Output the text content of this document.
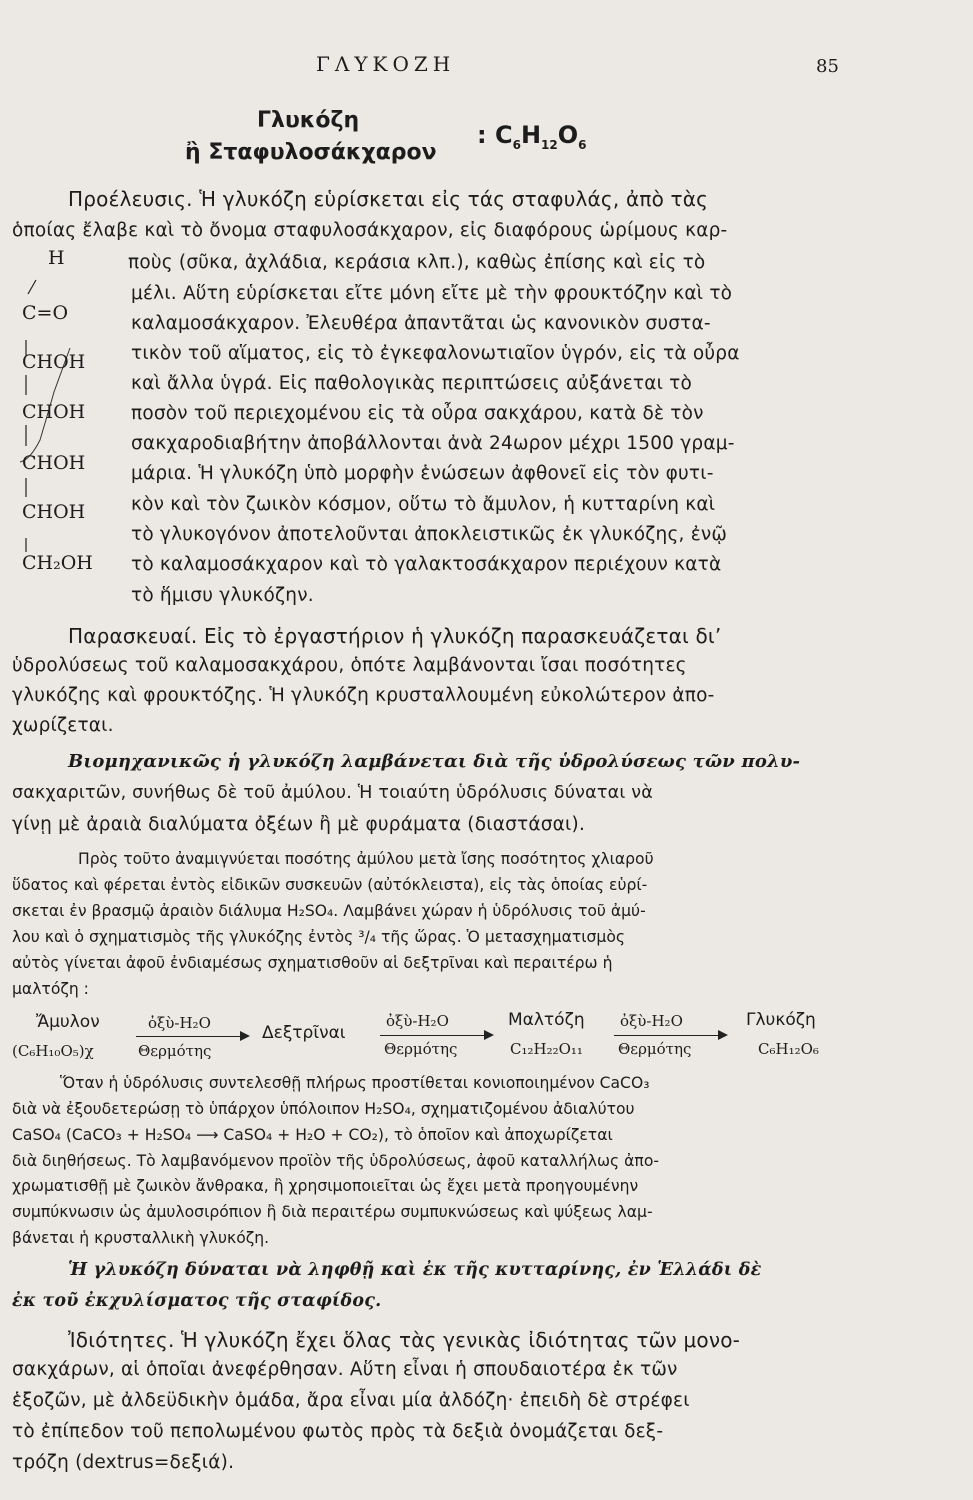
ΓΛΥΚΟΖΗ	85
Γλυκόζη
ἢ Σταφυλοσάκχαρον
: $C_6H_{12}O_6$
H
C=O
CHOH
CHOH
CHOH
CHOH
CH₂OH
Προέλευσις. Ἡ γλυκόζη εὑρίσκεται εἰς τάς σταφυλάς, ἀπὸ τὰς
ὁποίας ἔλαβε καὶ τὸ ὄνομα σταφυλοσάκχαρον, εἰς διαφόρους ὡρίμους καρ-
ποὺς (σῦκα, ἀχλάδια, κεράσια κλπ.), καθὼς ἐπίσης καὶ εἰς τὸ
μέλι. Αὕτη εὑρίσκεται εἴτε μόνη εἴτε μὲ τὴν φρουκτόζην καὶ τὸ
καλαμοσάκχαρον. Ἐλευθέρα ἀπαντᾶται ὡς κανονικὸν συστα-
τικὸν τοῦ αἵματος, εἰς τὸ ἐγκεφαλονωτιαῖον ὑγρόν, εἰς τὰ οὖρα
καὶ ἄλλα ὑγρά. Εἰς παθολογικὰς περιπτώσεις αὐξάνεται τὸ
ποσὸν τοῦ περιεχομένου εἰς τὰ οὖρα σακχάρου, κατὰ δὲ τὸν
σακχαροδιαβήτην ἀποβάλλονται ἀνὰ 24ωρον μέχρι 1500 γραμ-
μάρια. Ἡ γλυκόζη ὑπὸ μορφὴν ἑνώσεων ἀφθονεῖ εἰς τὸν φυτι-
κὸν καὶ τὸν ζωικὸν κόσμον, οὕτω τὸ ἄμυλον, ἡ κυτταρίνη καὶ
τὸ γλυκογόνον ἀποτελοῦνται ἀποκλειστικῶς ἐκ γλυκόζης, ἐνῷ
τὸ καλαμοσάκχαρον καὶ τὸ γαλακτοσάκχαρον περιέχουν κατὰ
τὸ ἥμισυ γλυκόζην.
Παρασκευαί. Εἰς τὸ ἐργαστήριον ἡ γλυκόζη παρασκευάζεται δι’
ὑδρολύσεως τοῦ καλαμοσακχάρου, ὁπότε λαμβάνονται ἴσαι ποσότητες
γλυκόζης καὶ φρουκτόζης. Ἡ γλυκόζη κρυσταλλουμένη εὐκολώτερον ἀπο-
χωρίζεται.
Βιομηχανικῶς ἡ γλυκόζη λαμβάνεται διὰ τῆς ὑδρολύσεως τῶν πολυ-
σακχαριτῶν, συνήθως δὲ τοῦ ἀμύλου. Ἡ τοιαύτη ὑδρόλυσις δύναται νὰ
γίνῃ μὲ ἀραιὰ διαλύματα ὀξέων ἢ μὲ φυράματα (διαστάσαι).
Πρὸς τοῦτο ἀναμιγνύεται ποσότης ἀμύλου μετὰ ἴσης ποσότητος χλιαροῦ
ὕδατος καὶ φέρεται ἐντὸς εἰδικῶν συσκευῶν (αὐτόκλειστα), εἰς τὰς ὁποίας εὑρί-
σκεται ἐν βρασμῷ ἀραιὸν διάλυμα H₂SO₄. Λαμβάνει χώραν ἡ ὑδρόλυσις τοῦ ἀμύ-
λου καὶ ὁ σχηματισμὸς τῆς γλυκόζης ἐντὸς ³/₄ τῆς ὥρας. Ὁ μετασχηματισμὸς
αὐτὸς γίνεται ἀφοῦ ἐνδιαμέσως σχηματισθοῦν αἱ δεξτρῖναι καὶ περαιτέρω ἡ
μαλτόζη :
Ἄμυλον
(C₆H₁₀O₅)χ
ὀξὺ-H₂O
Θερμότης
Δεξτρῖναι
ὀξὺ-H₂O
Θερμότης
Μαλτόζη
C₁₂H₂₂O₁₁
ὀξὺ-H₂O
Θερμότης
Γλυκόζη
C₆H₁₂O₆
Ὅταν ἡ ὑδρόλυσις συντελεσθῇ πλήρως προστίθεται κονιοποιημένον CaCO₃
διὰ νὰ ἐξουδετερώσῃ τὸ ὑπάρχον ὑπόλοιπον H₂SO₄, σχηματιζομένου ἀδιαλύτου
CaSO₄ (CaCO₃ + H₂SO₄ ⟶ CaSO₄ + H₂O + CO₂), τὸ ὁποῖον καὶ ἀποχωρίζεται
διὰ διηθήσεως. Τὸ λαμβανόμενον προϊὸν τῆς ὑδρολύσεως, ἀφοῦ καταλλήλως ἀπο-
χρωματισθῇ μὲ ζωικὸν ἄνθρακα, ἢ χρησιμοποιεῖται ὡς ἔχει μετὰ προηγουμένην
συμπύκνωσιν ὡς ἀμυλοσιρόπιον ἢ διὰ περαιτέρω συμπυκνώσεως καὶ ψύξεως λαμ-
βάνεται ἡ κρυσταλλικὴ γλυκόζη.
Ἡ γλυκόζη δύναται νὰ ληφθῇ καὶ ἐκ τῆς κυτταρίνης, ἐν Ἑλλάδι δὲ
ἐκ τοῦ ἐκχυλίσματος τῆς σταφίδος.
Ἰδιότητες. Ἡ γλυκόζη ἔχει ὅλας τὰς γενικὰς ἰδιότητας τῶν μονο-
σακχάρων, αἱ ὁποῖαι ἀνεφέρθησαν. Αὕτη εἶναι ἡ σπουδαιοτέρα ἐκ τῶν
ἑξοζῶν, μὲ ἀλδεϋδικὴν ὁμάδα, ἄρα εἶναι μία ἀλδόζη· ἐπειδὴ δὲ στρέφει
τὸ ἐπίπεδον τοῦ πεπολωμένου φωτὸς πρὸς τὰ δεξιὰ ὀνομάζεται δεξ-
τρόζη (dextrus=δεξιά).
